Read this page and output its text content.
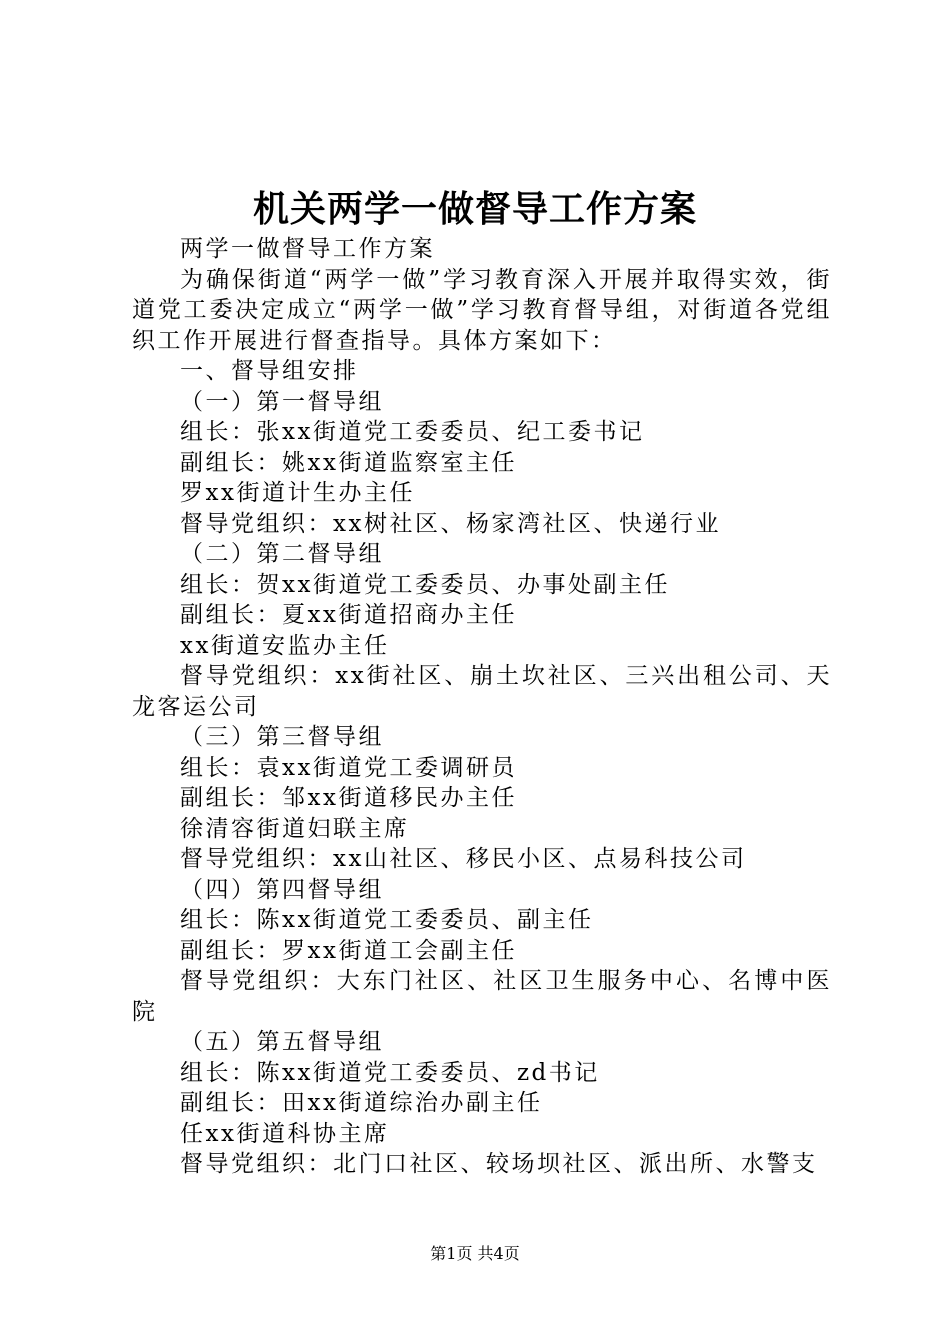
机关两学一做督导工作方案

两学一做督导工作方案

为确保街道“两学一做”学习教育深入开展并取得实效，街道党工委决定成立“两学一做”学习教育督导组，对街道各党组织工作开展进行督查指导。具体方案如下：

一、督导组安排

（一）第一督导组

组长：张xx街道党工委委员、纪工委书记

副组长：姚xx街道监察室主任

罗xx街道计生办主任

督导党组织：xx树社区、杨家湾社区、快递行业

（二）第二督导组

组长：贺xx街道党工委委员、办事处副主任

副组长：夏xx街道招商办主任

xx街道安监办主任

督导党组织：xx街社区、崩土坎社区、三兴出租公司、天龙客运公司

（三）第三督导组

组长：袁xx街道党工委调研员

副组长：邹xx街道移民办主任

徐清容街道妇联主席

督导党组织：xx山社区、移民小区、点易科技公司

（四）第四督导组

组长：陈xx街道党工委委员、副主任

副组长：罗xx街道工会副主任

督导党组织：大东门社区、社区卫生服务中心、名博中医院

（五）第五督导组

组长：陈xx街道党工委委员、zd书记

副组长：田xx街道综治办副主任

任xx街道科协主席

督导党组织：北门口社区、较场坝社区、派出所、水警支

第1页 共4页
